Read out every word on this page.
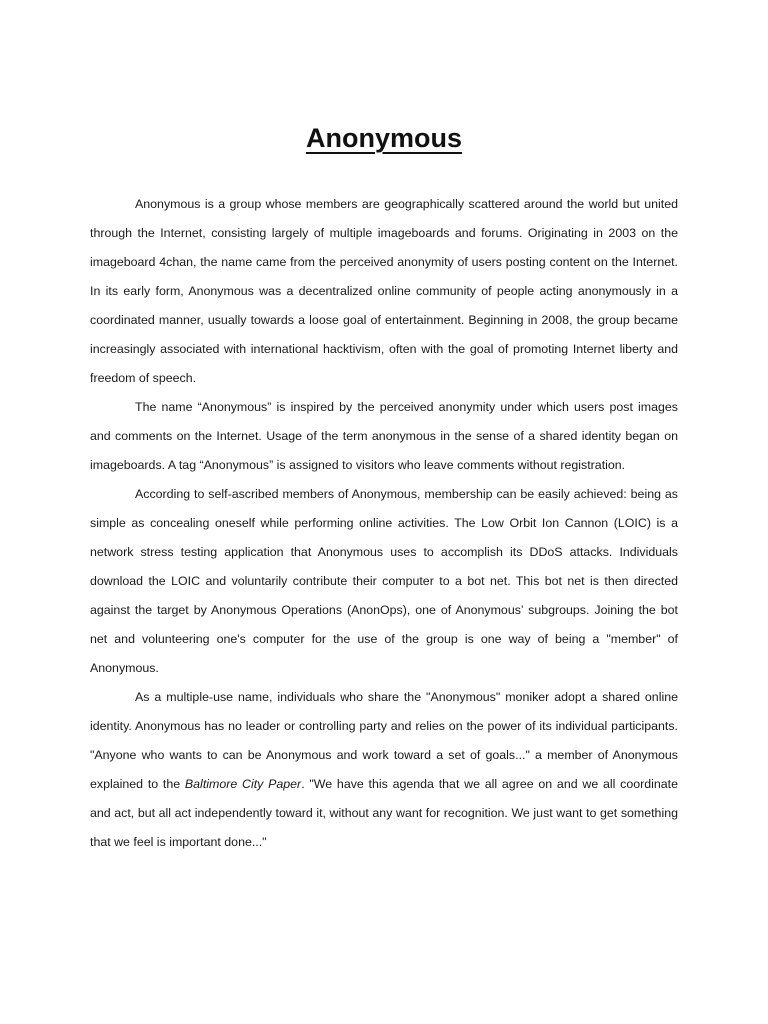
Anonymous

Anonymous is a group whose members are geographically scattered around the world but united through the Internet, consisting largely of multiple imageboards and forums. Originating in 2003 on the imageboard 4chan, the name came from the perceived anonymity of users posting content on the Internet. In its early form, Anonymous was a decentralized online community of people acting anonymously in a coordinated manner, usually towards a loose goal of entertainment. Beginning in 2008, the group became increasingly associated with international hacktivism, often with the goal of promoting Internet liberty and freedom of speech.

The name “Anonymous” is inspired by the perceived anonymity under which users post images and comments on the Internet. Usage of the term anonymous in the sense of a shared identity began on imageboards. A tag “Anonymous” is assigned to visitors who leave comments without registration.

According to self-ascribed members of Anonymous, membership can be easily achieved: being as simple as concealing oneself while performing online activities. The Low Orbit Ion Cannon (LOIC) is a network stress testing application that Anonymous uses to accomplish its DDoS attacks. Individuals download the LOIC and voluntarily contribute their computer to a bot net. This bot net is then directed against the target by Anonymous Operations (AnonOps), one of Anonymous’ subgroups. Joining the bot net and volunteering one's computer for the use of the group is one way of being a "member" of Anonymous.

As a multiple-use name, individuals who share the "Anonymous" moniker adopt a shared online identity. Anonymous has no leader or controlling party and relies on the power of its individual participants. "Anyone who wants to can be Anonymous and work toward a set of goals..." a member of Anonymous explained to the Baltimore City Paper. "We have this agenda that we all agree on and we all coordinate and act, but all act independently toward it, without any want for recognition. We just want to get something that we feel is important done..."
